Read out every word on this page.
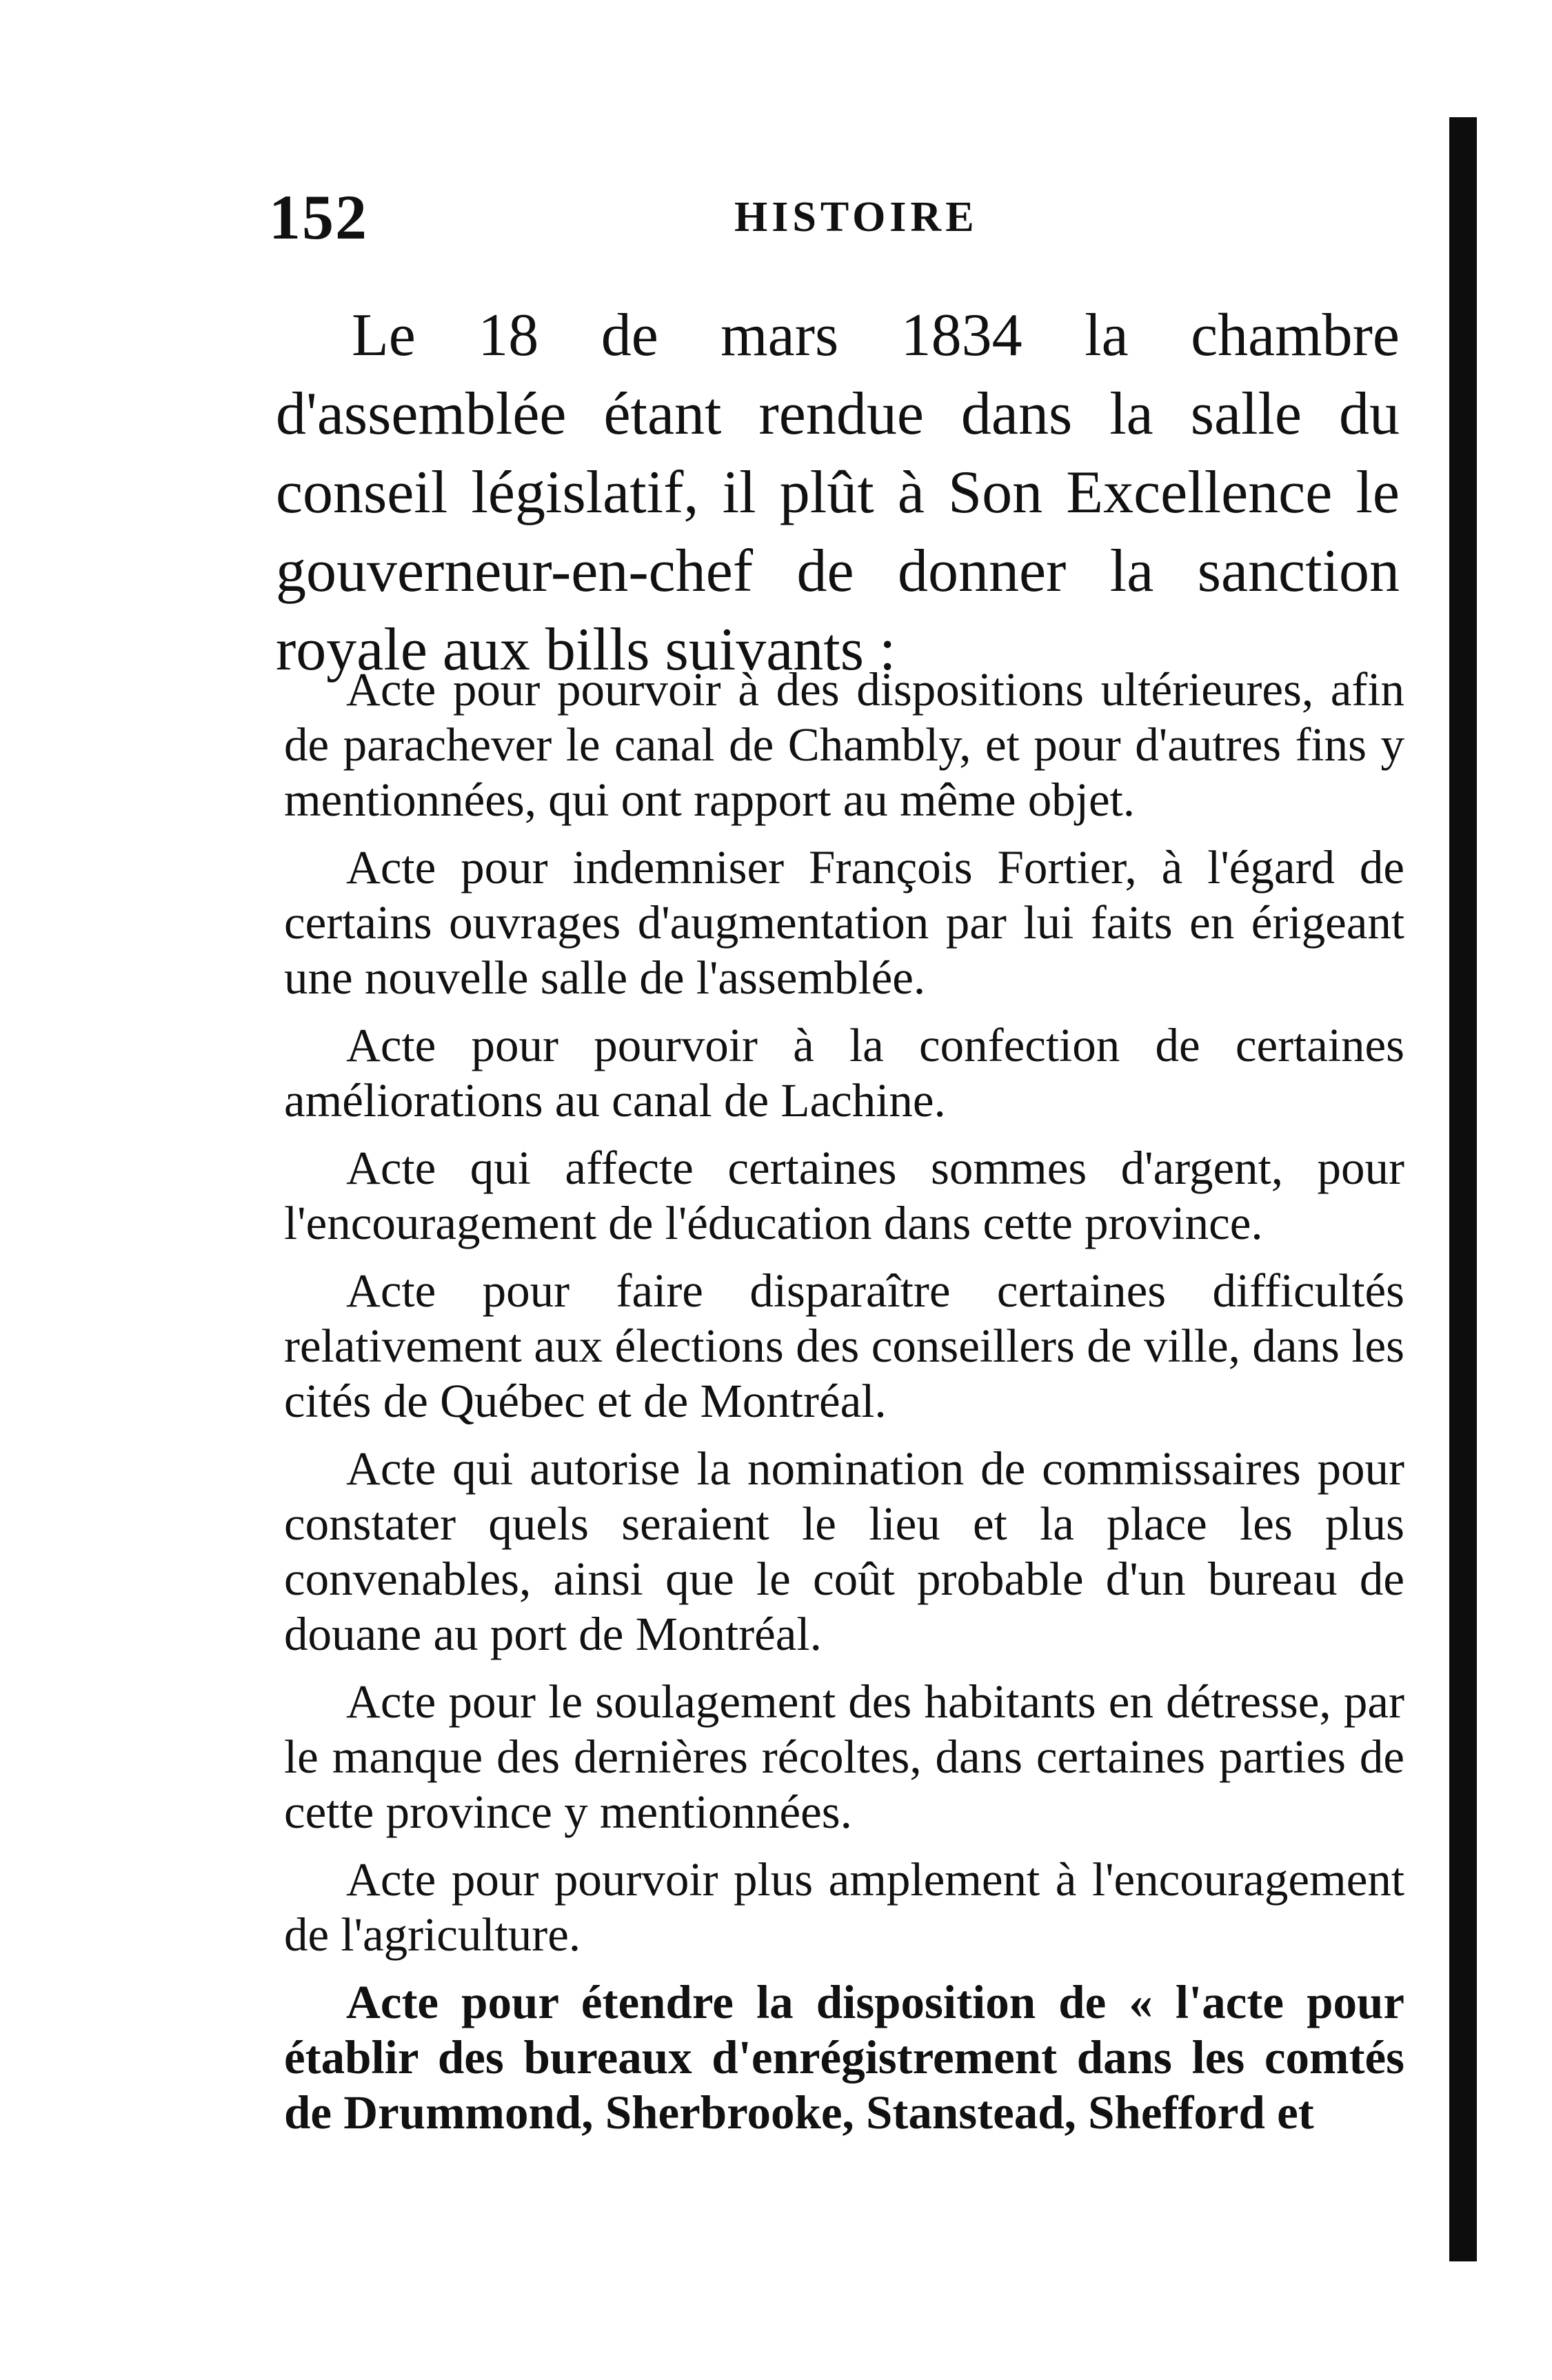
152	HISTOIRE

Le 18 de mars 1834 la chambre d'assemblée étant rendue dans la salle du conseil législatif, il plût à Son Excellence le gouverneur-en-chef de donner la sanction royale aux bills suivants :

Acte pour pourvoir à des dispositions ultérieures, afin de parachever le canal de Chambly, et pour d'autres fins y mentionnées, qui ont rapport au même objet.
Acte pour indemniser François Fortier, à l'égard de certains ouvrages d'augmentation par lui faits en érigeant une nouvelle salle de l'assemblée.
Acte pour pourvoir à la confection de certaines améliorations au canal de Lachine.
Acte qui affecte certaines sommes d'argent, pour l'encouragement de l'éducation dans cette province.
Acte pour faire disparaître certaines difficultés relativement aux élections des conseillers de ville, dans les cités de Québec et de Montréal.
Acte qui autorise la nomination de commissaires pour constater quels seraient le lieu et la place les plus convenables, ainsi que le coût probable d'un bureau de douane au port de Montréal.
Acte pour le soulagement des habitants en détresse, par le manque des dernières récoltes, dans certaines parties de cette province y mentionnées.
Acte pour pourvoir plus amplement à l'encouragement de l'agriculture.
Acte pour étendre la disposition de « l'acte pour établir des bureaux d'enrégistrement dans les comtés de Drummond, Sherbrooke, Stanstead, Shefford et
